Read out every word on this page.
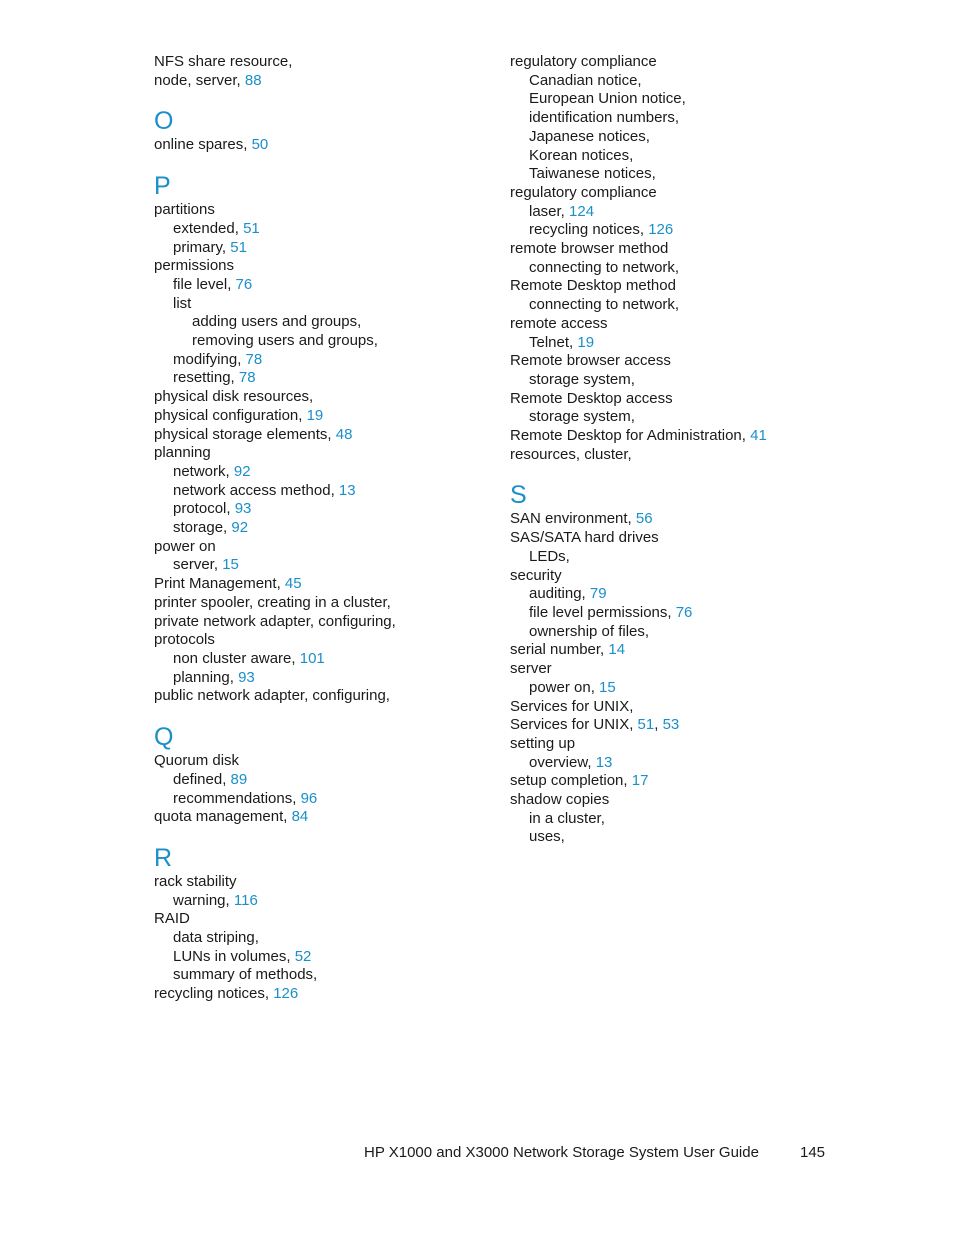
NFS share resource,
node, server, 88
O
online spares, 50
P
partitions
extended, 51
primary, 51
permissions
file level, 76
list
adding users and groups,
removing users and groups,
modifying, 78
resetting, 78
physical disk resources,
physical configuration, 19
physical storage elements, 48
planning
network, 92
network access method, 13
protocol, 93
storage, 92
power on
server, 15
Print Management, 45
printer spooler, creating in a cluster,
private network adapter, configuring,
protocols
non cluster aware, 101
planning, 93
public network adapter, configuring,
Q
Quorum disk
defined, 89
recommendations, 96
quota management, 84
R
rack stability
warning, 116
RAID
data striping,
LUNs in volumes, 52
summary of methods,
recycling notices, 126
regulatory compliance
Canadian notice,
European Union notice,
identification numbers,
Japanese notices,
Korean notices,
Taiwanese notices,
regulatory compliance
laser, 124
recycling notices, 126
remote browser method
connecting to network,
Remote Desktop method
connecting to network,
remote access
Telnet, 19
Remote browser access
storage system,
Remote Desktop access
storage system,
Remote Desktop for Administration, 41
resources, cluster,
S
SAN environment, 56
SAS/SATA hard drives
LEDs,
security
auditing, 79
file level permissions, 76
ownership of files,
serial number, 14
server
power on, 15
Services for UNIX,
Services for UNIX, 51, 53
setting up
overview, 13
setup completion, 17
shadow copies
in a cluster,
uses,
HP X1000 and X3000 Network Storage System User Guide	145
